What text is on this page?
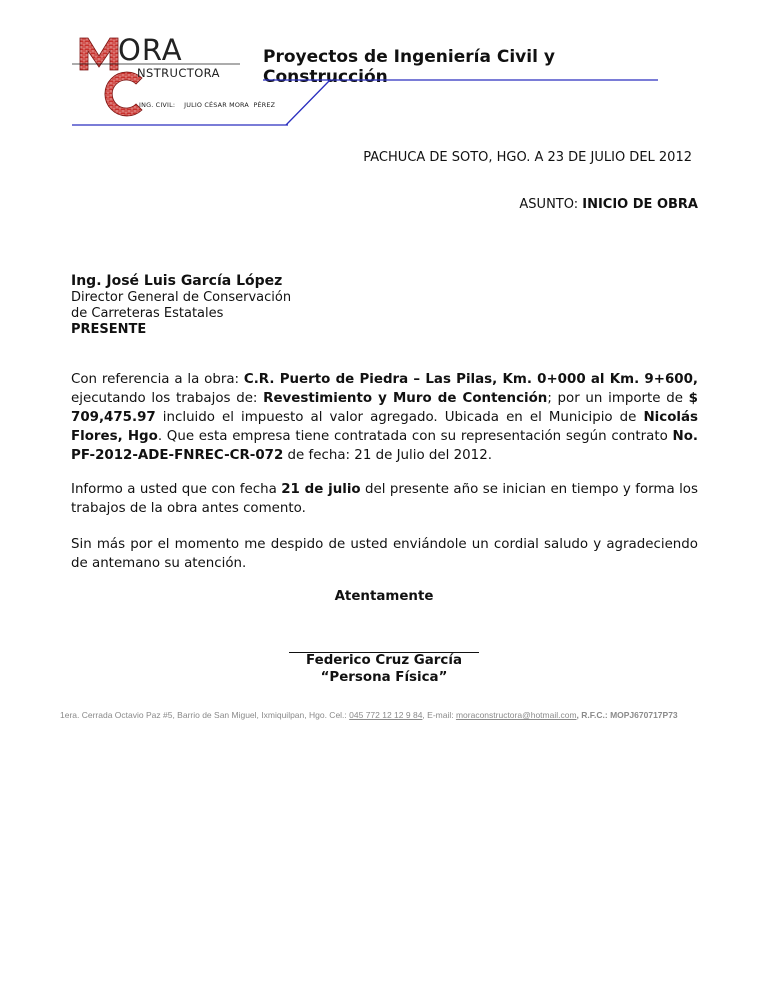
ORA
NSTRUCTORA
ING. CIVIL:    JULIO CÉSAR MORA  PÉREZ
Proyectos de Ingeniería Civil y Construcción
PACHUCA DE SOTO, HGO. A 23 DE JULIO DEL 2012
ASUNTO: INICIO DE OBRA
Ing. José Luis García López
Director General de Conservación
de Carreteras Estatales
PRESENTE
Con referencia a la obra: C.R. Puerto de Piedra – Las Pilas, Km. 0+000 al Km. 9+600, ejecutando los trabajos de: Revestimiento y Muro de Contención; por un importe de $ 709,475.97 incluido el impuesto al valor agregado. Ubicada en el Municipio de Nicolás Flores, Hgo. Que esta empresa tiene contratada con su representación según contrato No. PF-2012-ADE-FNREC-CR-072 de fecha: 21 de Julio del 2012.
Informo a usted que con fecha 21 de julio del presente año se inician en tiempo y forma los trabajos de la obra antes comento.
Sin más por el momento me despido de usted enviándole un cordial saludo y agradeciendo de antemano su atención.
Atentamente
Federico Cruz García
“Persona Física”
1era. Cerrada Octavio Paz #5, Barrio de San Miguel, Ixmiquilpan, Hgo. Cel.: 045 772 12 12 9 84, E-mail: moraconstructora@hotmail.com, R.F.C.: MOPJ670717P73
